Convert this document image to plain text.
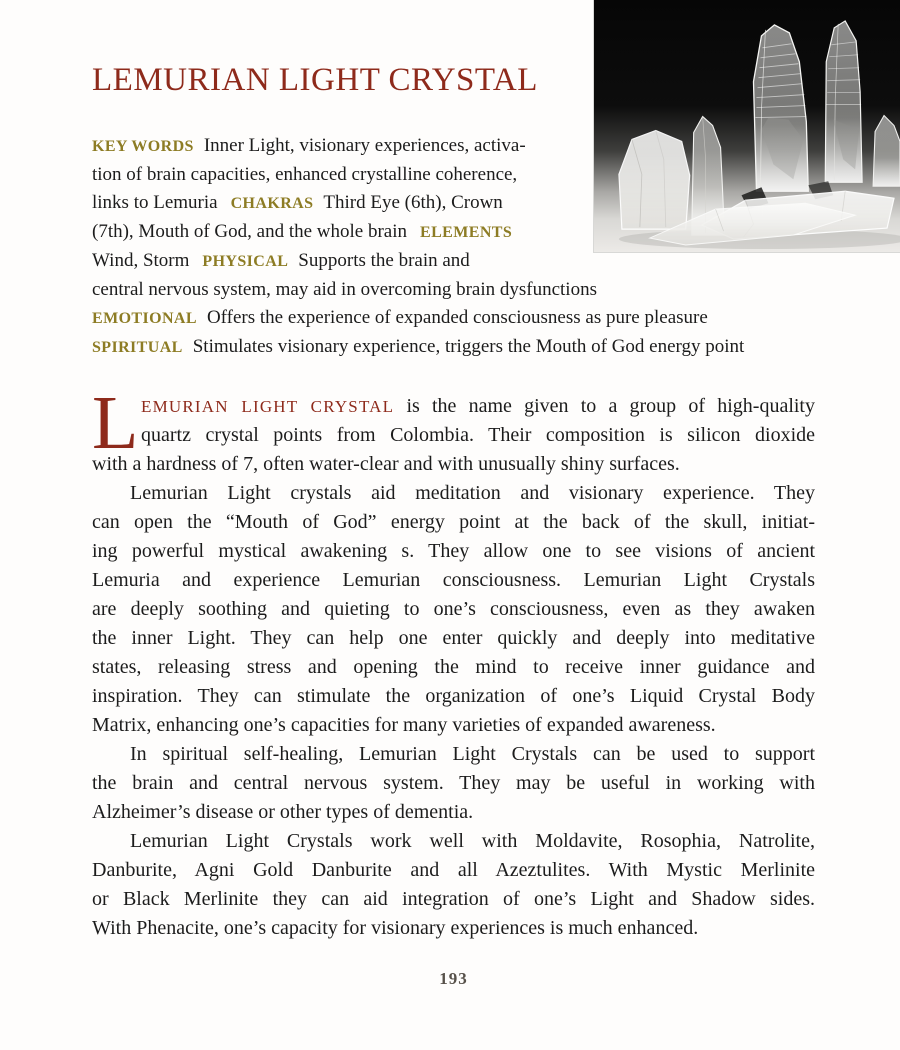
LEMURIAN LIGHT CRYSTAL
KEY WORDS Inner Light, visionary experiences, activa-
tion of brain capacities, enhanced crystalline coherence,
links to Lemuria CHAKRAS Third Eye (6th), Crown
(7th), Mouth of God, and the whole brain ELEMENTS
Wind, Storm PHYSICAL Supports the brain and
central nervous system, may aid in overcoming brain dysfunctions
EMOTIONAL Offers the experience of expanded consciousness as pure pleasure
SPIRITUAL Stimulates visionary experience, triggers the Mouth of God energy point
L EMURIAN LIGHT CRYSTAL is the name given to a group of high-quality
quartz crystal points from Colombia. Their composition is silicon dioxide
with a hardness of 7, often water-clear and with unusually shiny surfaces.
Lemurian Light crystals aid meditation and visionary experience. They
can open the “Mouth of God” energy point at the back of the skull, initiat-
ing powerful mystical awakening s. They allow one to see visions of ancient
Lemuria and experience Lemurian consciousness. Lemurian Light Crystals
are deeply soothing and quieting to one’s consciousness, even as they awaken
the inner Light. They can help one enter quickly and deeply into meditative
states, releasing stress and opening the mind to receive inner guidance and
inspiration. They can stimulate the organization of one’s Liquid Crystal Body
Matrix, enhancing one’s capacities for many varieties of expanded awareness.
In spiritual self-healing, Lemurian Light Crystals can be used to support
the brain and central nervous system. They may be useful in working with
Alzheimer’s disease or other types of dementia.
Lemurian Light Crystals work well with Moldavite, Rosophia, Natrolite,
Danburite, Agni Gold Danburite and all Azeztulites. With Mystic Merlinite
or Black Merlinite they can aid integration of one’s Light and Shadow sides.
With Phenacite, one’s capacity for visionary experiences is much enhanced.
193
